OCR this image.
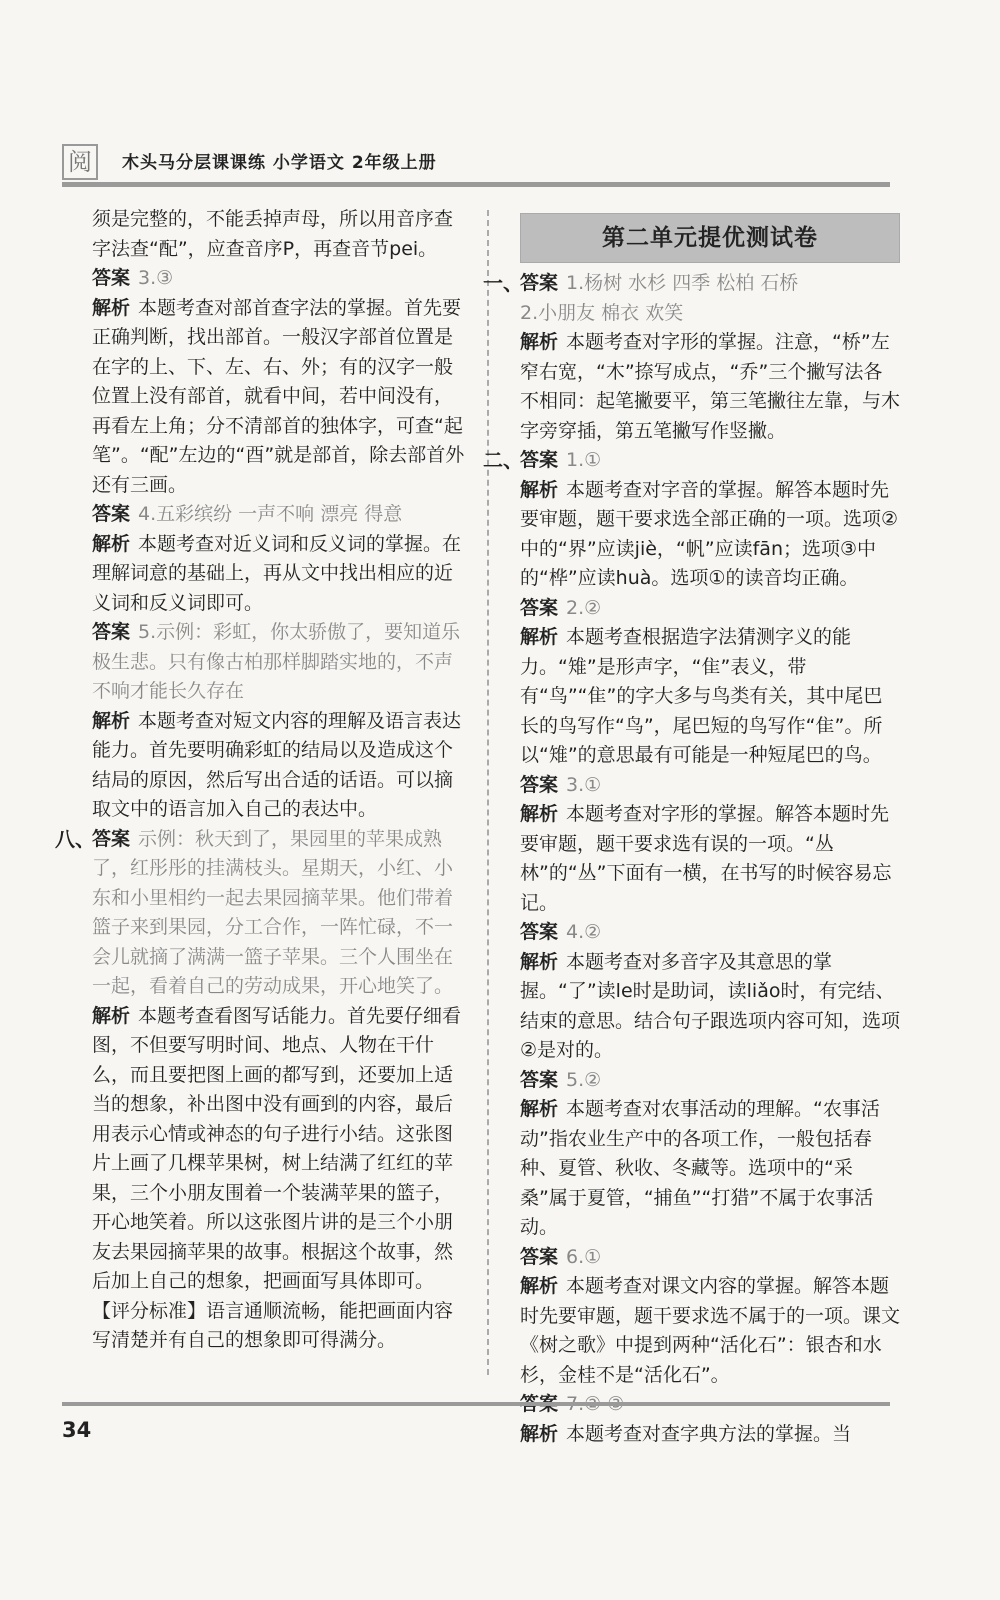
阅	木头马分层课课练 小学语文 2年级上册

须是完整的，不能丢掉声母，所以用音序查字法查“配”，应查音序P，再查音节pei。

答案 3.③

解析 本题考查对部首查字法的掌握。首先要正确判断，找出部首。一般汉字部首位置是在字的上、下、左、右、外；有的汉字一般位置上没有部首，就看中间，若中间没有，再看左上角；分不清部首的独体字，可查“起笔”。“配”左边的“酉”就是部首，除去部首外还有三画。

答案 4.五彩缤纷 一声不响 漂亮 得意

解析 本题考查对近义词和反义词的掌握。在理解词意的基础上，再从文中找出相应的近义词和反义词即可。

答案 5.示例：彩虹，你太骄傲了，要知道乐极生悲。只有像古柏那样脚踏实地的，不声不响才能长久存在

解析 本题考查对短文内容的理解及语言表达能力。首先要明确彩虹的结局以及造成这个结局的原因，然后写出合适的话语。可以摘取文中的语言加入自己的表达中。

八、

答案 示例：秋天到了，果园里的苹果成熟了，红彤彤的挂满枝头。星期天，小红、小东和小里相约一起去果园摘苹果。他们带着篮子来到果园，分工合作，一阵忙碌，不一会儿就摘了满满一篮子苹果。三个人围坐在一起，看着自己的劳动成果，开心地笑了。

解析 本题考查看图写话能力。首先要仔细看图，不但要写明时间、地点、人物在干什么，而且要把图上画的都写到，还要加上适当的想象，补出图中没有画到的内容，最后用表示心情或神态的句子进行小结。这张图片上画了几棵苹果树，树上结满了红红的苹果，三个小朋友围着一个装满苹果的篮子，开心地笑着。所以这张图片讲的是三个小朋友去果园摘苹果的故事。根据这个故事，然后加上自己的想象，把画面写具体即可。

【评分标准】语言通顺流畅，能把画面内容写清楚并有自己的想象即可得满分。

第二单元提优测试卷
一、

答案 1.杨树 水杉 四季 松柏 石桥

2.小朋友 棉衣 欢笑

解析 本题考查对字形的掌握。注意，“桥”左窄右宽，“木”捺写成点，“乔”三个撇写法各不相同：起笔撇要平，第三笔撇往左靠，与木字旁穿插，第五笔撇写作竖撇。

二、

答案 1.①

解析 本题考查对字音的掌握。解答本题时先要审题，题干要求选全部正确的一项。选项②中的“界”应读jiè，“帆”应读fān；选项③中的“桦”应读huà。选项①的读音均正确。

答案 2.②

解析 本题考查根据造字法猜测字义的能力。“雉”是形声字，“隹”表义，带有“鸟”“隹”的字大多与鸟类有关，其中尾巴长的鸟写作“鸟”，尾巴短的鸟写作“隹”。所以“雉”的意思最有可能是一种短尾巴的鸟。

答案 3.①

解析 本题考查对字形的掌握。解答本题时先要审题，题干要求选有误的一项。“丛林”的“丛”下面有一横，在书写的时候容易忘记。

答案 4.②

解析 本题考查对多音字及其意思的掌握。“了”读le时是助词，读liǎo时，有完结、结束的意思。结合句子跟选项内容可知，选项②是对的。

答案 5.②

解析 本题考查对农事活动的理解。“农事活动”指农业生产中的各项工作，一般包括春种、夏管、秋收、冬藏等。选项中的“采桑”属于夏管，“捕鱼”“打猎”不属于农事活动。

答案 6.①

解析 本题考查对课文内容的掌握。解答本题时先要审题，题干要求选不属于的一项。课文《树之歌》中提到两种“活化石”：银杏和水杉，金桂不是“活化石”。

解析 本题考查对查字典方法的掌握。当

34
